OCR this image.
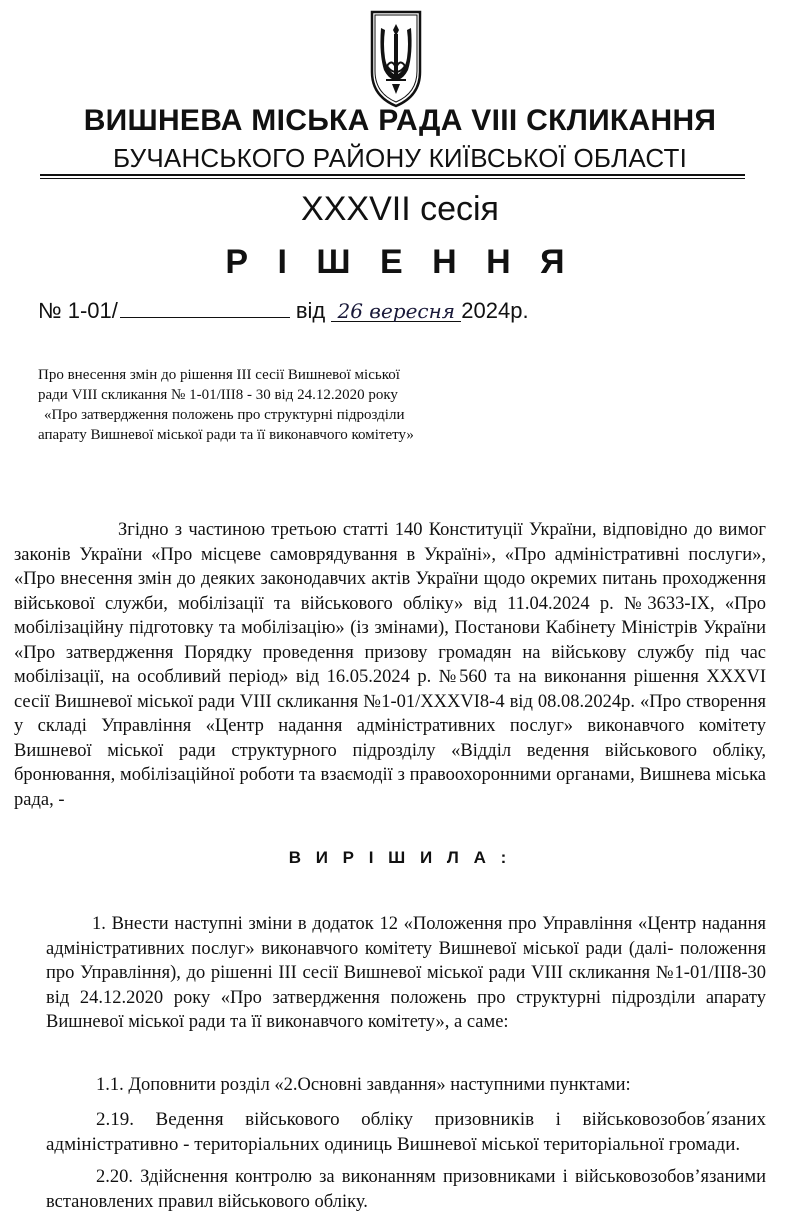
ВИШНЕВА МІСЬКА РАДА VIII СКЛИКАННЯ
БУЧАНСЬКОГО РАЙОНУ КИЇВСЬКОЇ ОБЛАСТІ
XXXVII сесія
Р І Ш Е Н Н Я
№ 1-01/	від 26 вересня 2024р.
Про внесення змін до рішення ІІІ сесії Вишневої міської
ради VIII скликання № 1-01/ІІІ8 - 30 від 24.12.2020 року
«Про затвердження положень про структурні підрозділи
апарату Вишневої міської ради та її виконавчого комітету»
Згідно з частиною третьою статті 140 Конституції України, відповідно до вимог законів України «Про місцеве самоврядування в Україні», «Про адміністративні послуги», «Про внесення змін до деяких законодавчих актів України щодо окремих питань проходження військової служби, мобілізації та військового обліку» від 11.04.2024 р. №3633-ІХ, «Про мобілізаційну підготовку та мобілізацію» (із змінами), Постанови Кабінету Міністрів України «Про затвердження Порядку проведення призову громадян на військову службу під час мобілізації, на особливий період» від 16.05.2024 р. №560 та на виконання рішення XXXVI сесії Вишневої міської ради VIII скликання №1-01/XXXVI8-4 від 08.08.2024р. «Про створення у складі Управління «Центр надання адміністративних послуг» виконавчого комітету Вишневої міської ради структурного підрозділу «Відділ ведення військового обліку, бронювання, мобілізаційної роботи та взаємодії з правоохоронними органами, Вишнева міська рада, -
В И Р І Ш И Л А :
1. Внести наступні зміни в додаток 12 «Положення про Управління «Центр надання адміністративних послуг» виконавчого комітету Вишневої міської ради (далі- положення про Управління), до рішенні ІІІ сесії Вишневої міської ради VIII скликання №1-01/ІІІ8-30 від 24.12.2020 року «Про затвердження положень про структурні підрозділи апарату Вишневої міської ради та її виконавчого комітету», а саме:
1.1. Доповнити розділ «2.Основні завдання» наступними пунктами:
2.19. Ведення військового обліку призовників і військовозобов΄язаних адміністративно - територіальних одиниць Вишневої міської територіальної громади.
2.20. Здійснення контролю за виконанням призовниками і військовозобов’язаними встановлених правил військового обліку.
